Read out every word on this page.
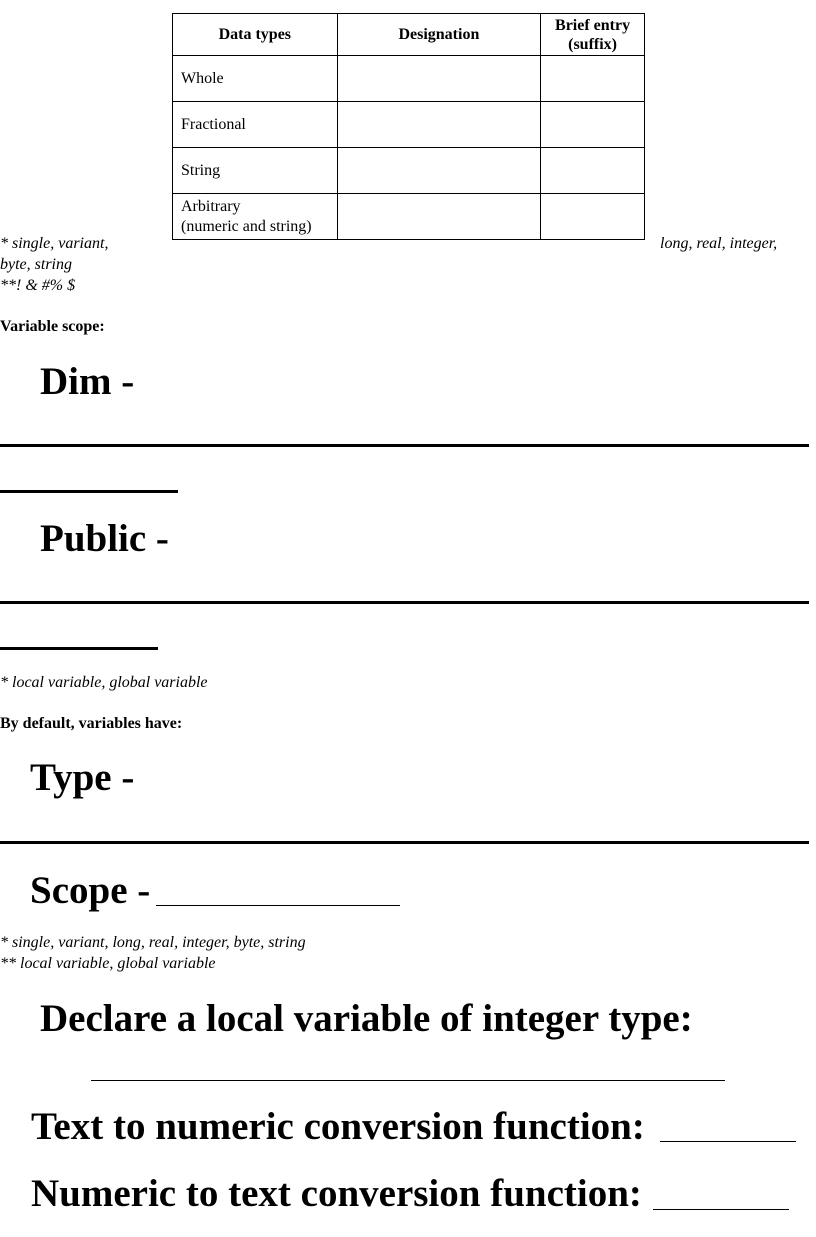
Data types	Designation	Brief entry
(suffix)

Whole		
Fractional		
String		

Arbitrary
(numeric and string)		

* single, variant,	long, real, integer,
byte, string
**! & #% $
Variable scope:
Dim -
Public -
* local variable, global variable
By default, variables have:
Type -
Scope -
* single, variant, long, real, integer, byte, string
** local variable, global variable
Declare a local variable of integer type:
Text to numeric conversion function:
Numeric to text conversion function:
